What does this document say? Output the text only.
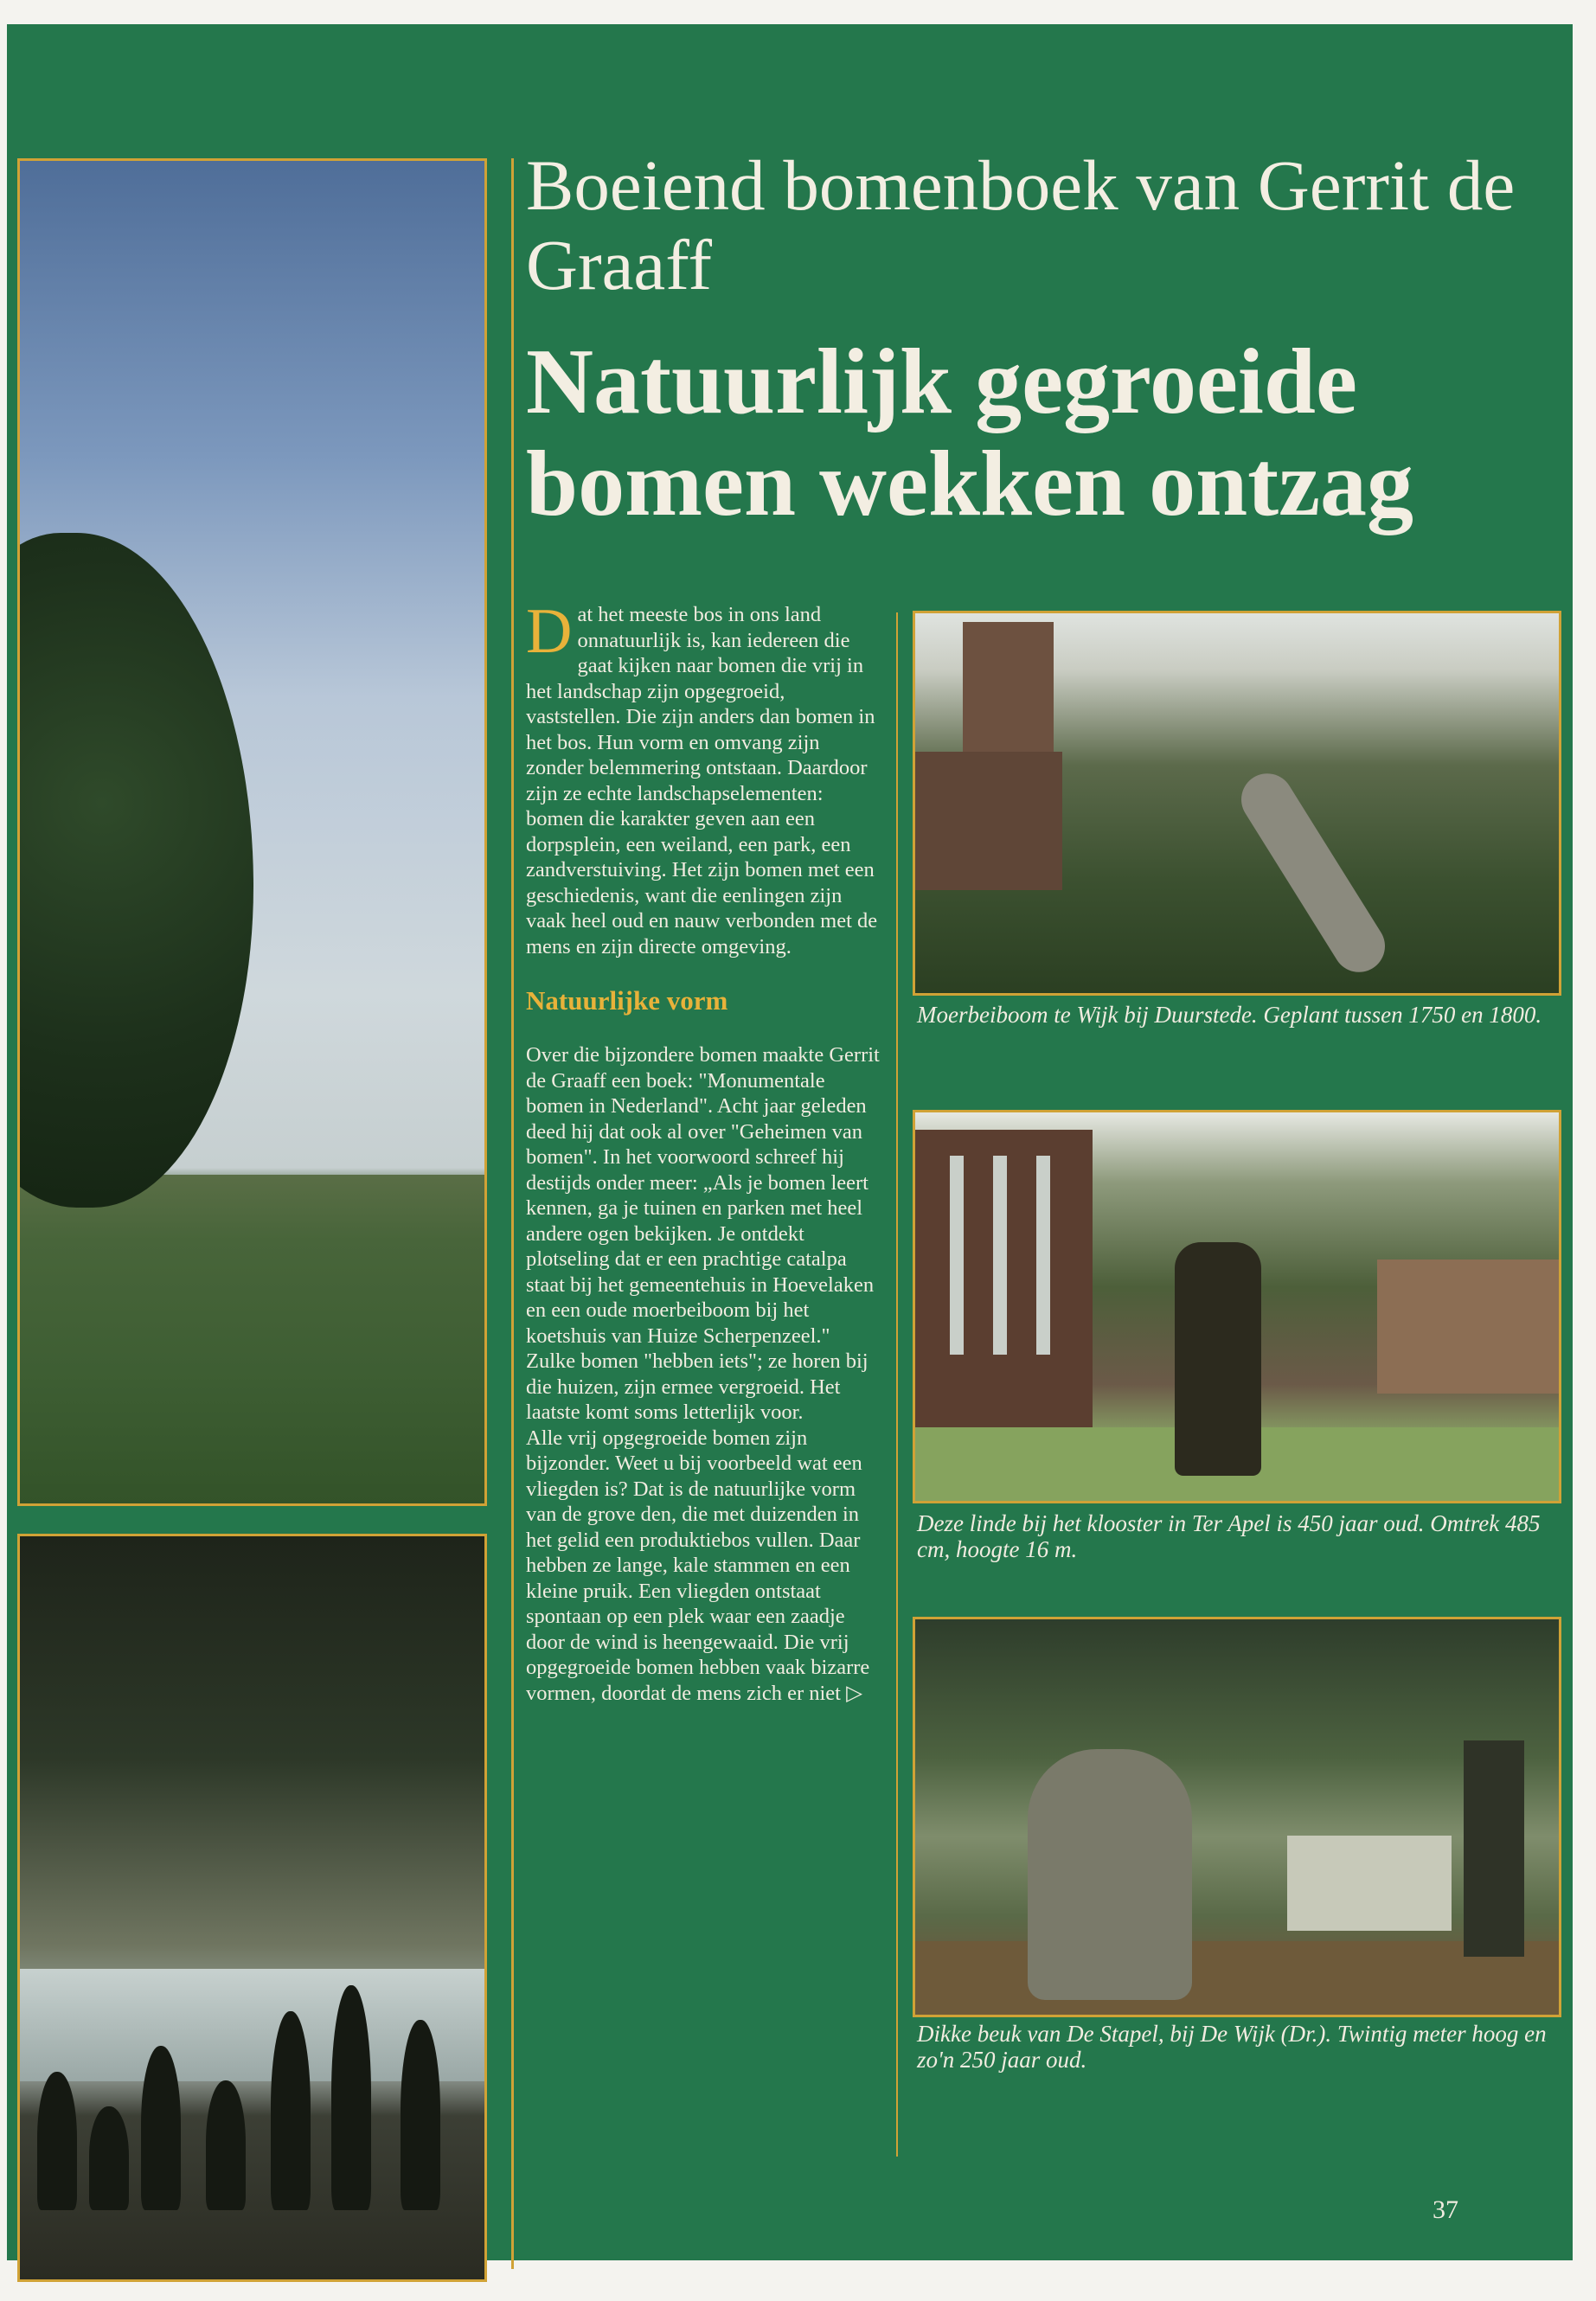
Boeiend bomenboek van Gerrit de Graaff
Natuurlijk gegroeide bomen wekken ontzag

Dat het meeste bos in ons land onnatuurlijk is, kan iedereen die gaat kijken naar bomen die vrij in het landschap zijn opgegroeid, vaststellen. Die zijn anders dan bomen in het bos. Hun vorm en omvang zijn zonder belemmering ontstaan. Daardoor zijn ze echte landschapselementen: bomen die karakter geven aan een dorpsplein, een weiland, een park, een zandverstuiving. Het zijn bomen met een geschiedenis, want die eenlingen zijn vaak heel oud en nauw verbonden met de mens en zijn directe omgeving.

Natuurlijke vorm

Over die bijzondere bomen maakte Gerrit de Graaff een boek: "Monumentale bomen in Nederland". Acht jaar geleden deed hij dat ook al over "Geheimen van bomen". In het voorwoord schreef hij destijds onder meer: „Als je bomen leert kennen, ga je tuinen en parken met heel andere ogen bekijken. Je ontdekt plotseling dat er een prachtige catalpa staat bij het gemeentehuis in Hoevelaken en een oude moerbeiboom bij het koetshuis van Huize Scherpenzeel."

Zulke bomen "hebben iets"; ze horen bij die huizen, zijn ermee vergroeid. Het laatste komt soms letterlijk voor.

Alle vrij opgegroeide bomen zijn bijzonder. Weet u bij voorbeeld wat een vliegden is? Dat is de natuurlijke vorm van de grove den, die met duizenden in het gelid een produktiebos vullen. Daar hebben ze lange, kale stammen en een kleine pruik. Een vliegden ontstaat spontaan op een plek waar een zaadje door de wind is heengewaaid. Die vrij opgegroeide bomen hebben vaak bizarre vormen, doordat de mens zich er niet ▷

Moerbeiboom te Wijk bij Duurstede. Geplant tussen 1750 en 1800.
Deze linde bij het klooster in Ter Apel is 450 jaar oud. Omtrek 485 cm, hoogte 16 m.
Dikke beuk van De Stapel, bij De Wijk (Dr.). Twintig meter hoog en zo'n 250 jaar oud.
37
